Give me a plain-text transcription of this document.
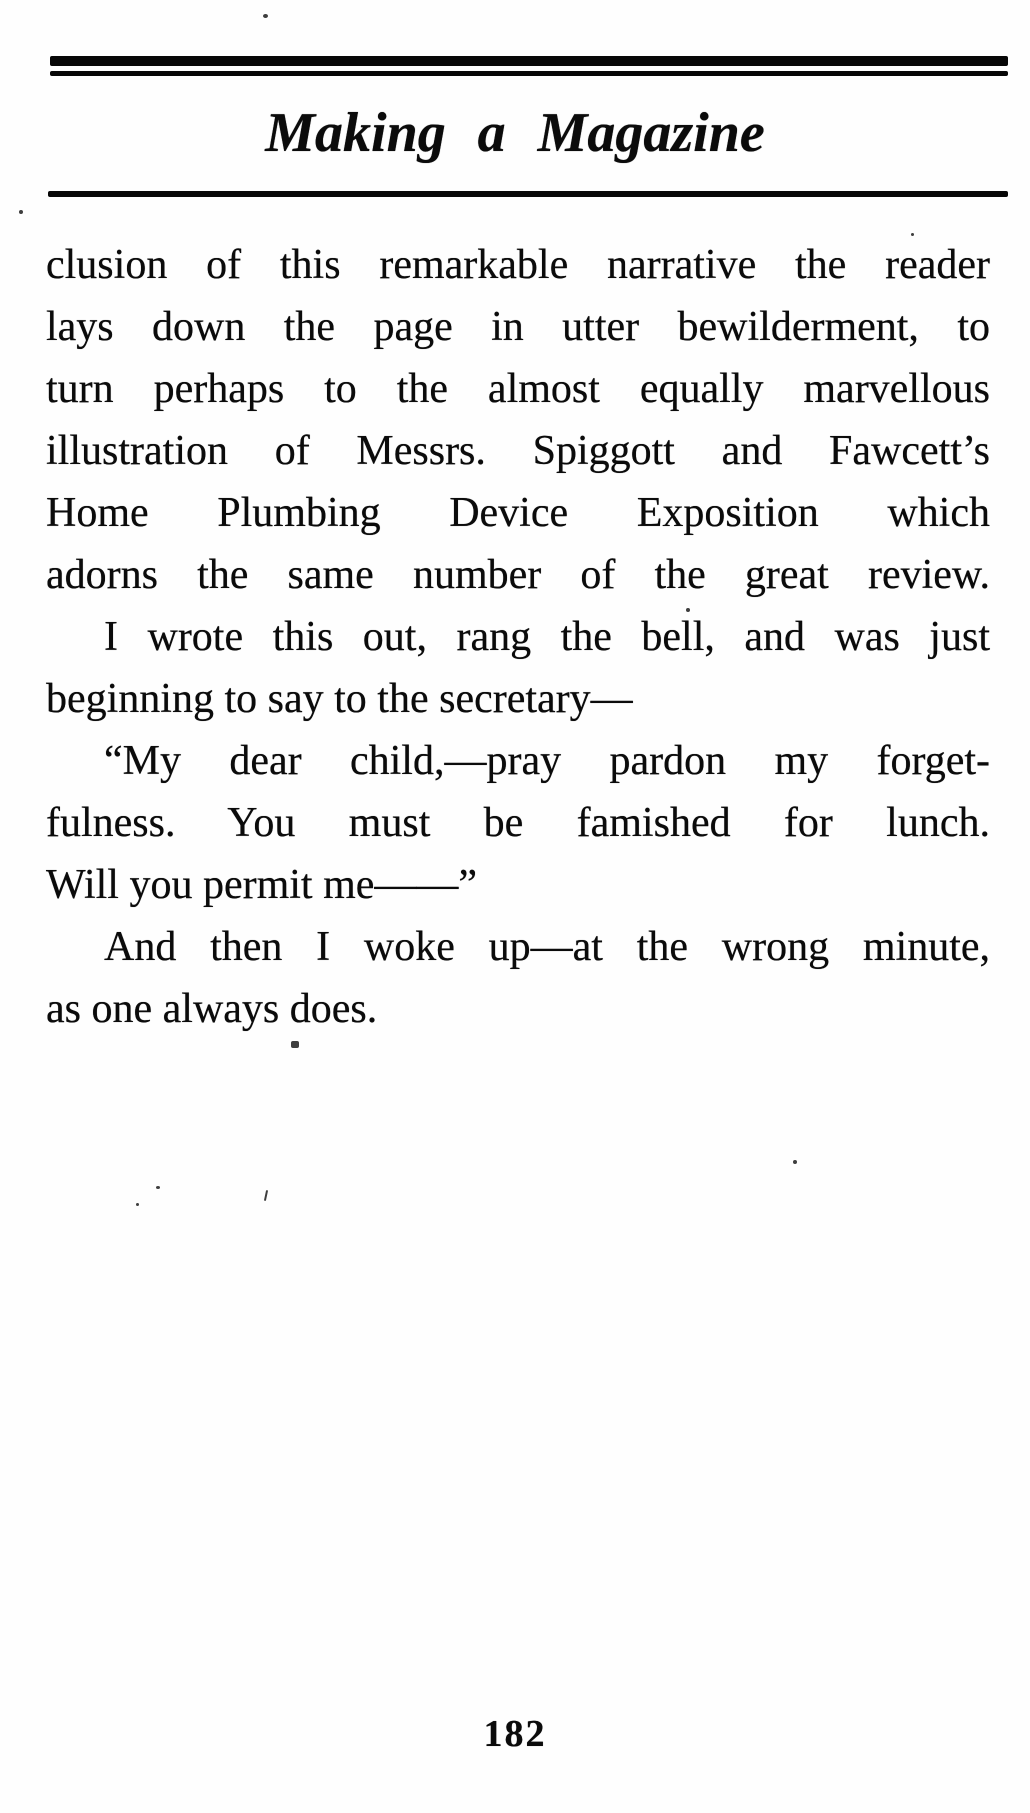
Making a Magazine
clusion of this remarkable narrative the reader
lays down the page in utter bewilderment, to
turn perhaps to the almost equally marvellous
illustration of Messrs. Spiggott and Fawcett’s
Home Plumbing Device Exposition which
adorns the same number of the great review.
I wrote this out, rang the bell, and was just
beginning to say to the secretary—
“My dear child,—pray pardon my forget-
fulness. You must be famished for lunch.
Will you permit me——”
And then I woke up—at the wrong minute,
as one always does.
182
